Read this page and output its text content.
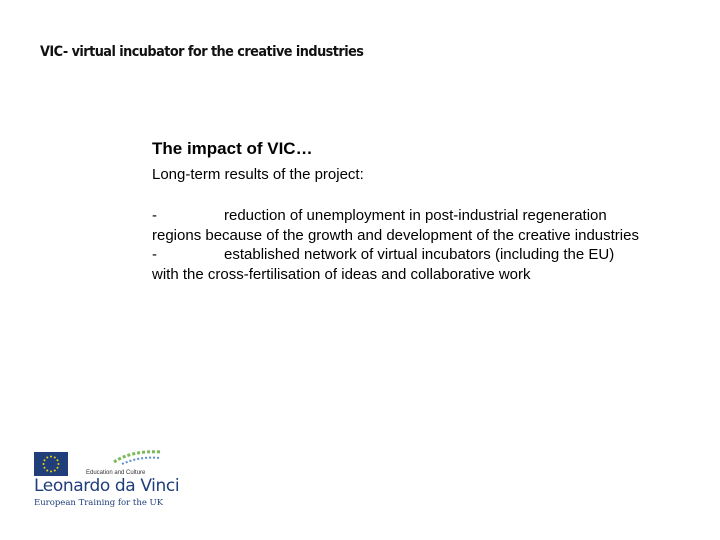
VIC- virtual incubator for the creative industries

The impact of VIC…

Long-term results of the project:

-	reduction of unemployment in post-industrial regeneration regions because of the growth and development of the creative industries

-	established network of virtual incubators (including the EU) with the cross-fertilisation of ideas and collaborative work

Education and Culture
Leonardo da Vinci
European Training for the UK
